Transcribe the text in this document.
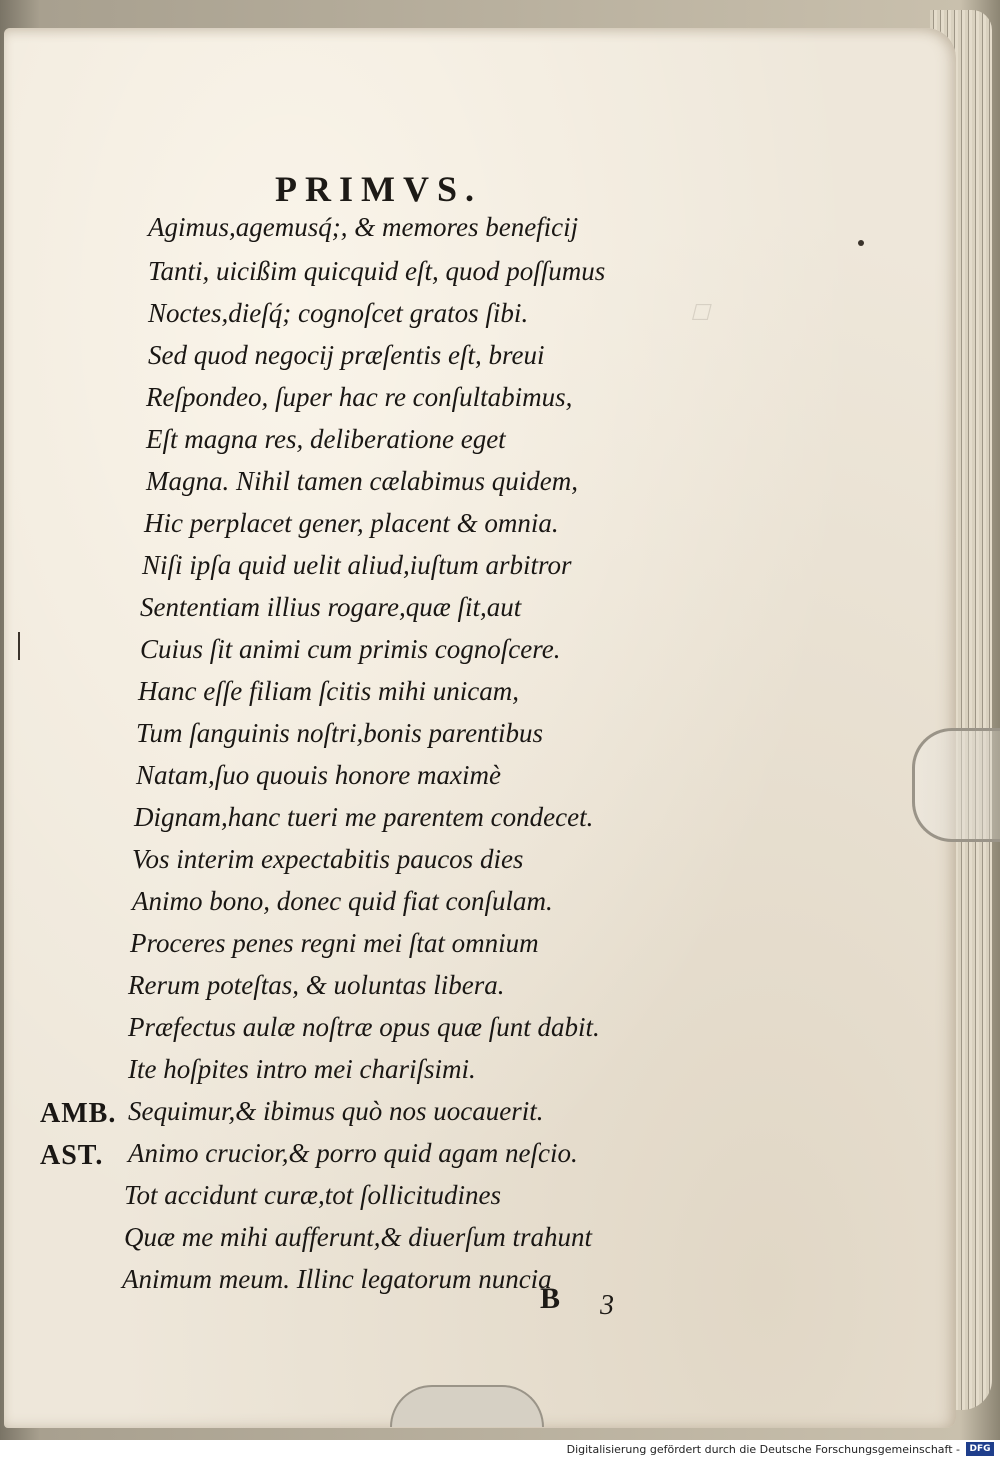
☐
PRIMVS.
Agimus,agemusq́;, & memores beneficij
Tanti, uicißim quicquid eſt, quod poſſumus
Noctes,dieſq́; cognoſcet gratos ſibi.
Sed quod negocij præſentis eſt, breui
Reſpondeo, ſuper hac re conſultabimus,
Eſt magna res, deliberatione eget
Magna. Nihil tamen cælabimus quidem,
Hic perplacet gener, placent & omnia.
Niſi ipſa quid uelit aliud,iuſtum arbitror
Sententiam illius rogare,quæ ſit,aut
Cuius ſit animi cum primis cognoſcere.
Hanc eſſe filiam ſcitis mihi unicam,
Tum ſanguinis noſtri,bonis parentibus
Natam,ſuo quouis honore maximè
Dignam,hanc tueri me parentem condecet.
Vos interim expectabitis paucos dies
Animo bono, donec quid fiat conſulam.
Proceres penes regni mei ſtat omnium
Rerum poteſtas, & uoluntas libera.
Præfectus aulæ noſtræ opus quæ ſunt dabit.
Ite hoſpites intro mei chariſsimi.
AMB. Sequimur,& ibimus quò nos uocauerit.
AST. Animo crucior,& porro quid agam neſcio.
Tot accidunt curæ,tot ſollicitudines
Quæ me mihi aufferunt,& diuerſum trahunt
Animum meum. Illinc legatorum nuncia
B 3
Digitalisierung gefördert durch die Deutsche Forschungsgemeinschaft -	DFG
